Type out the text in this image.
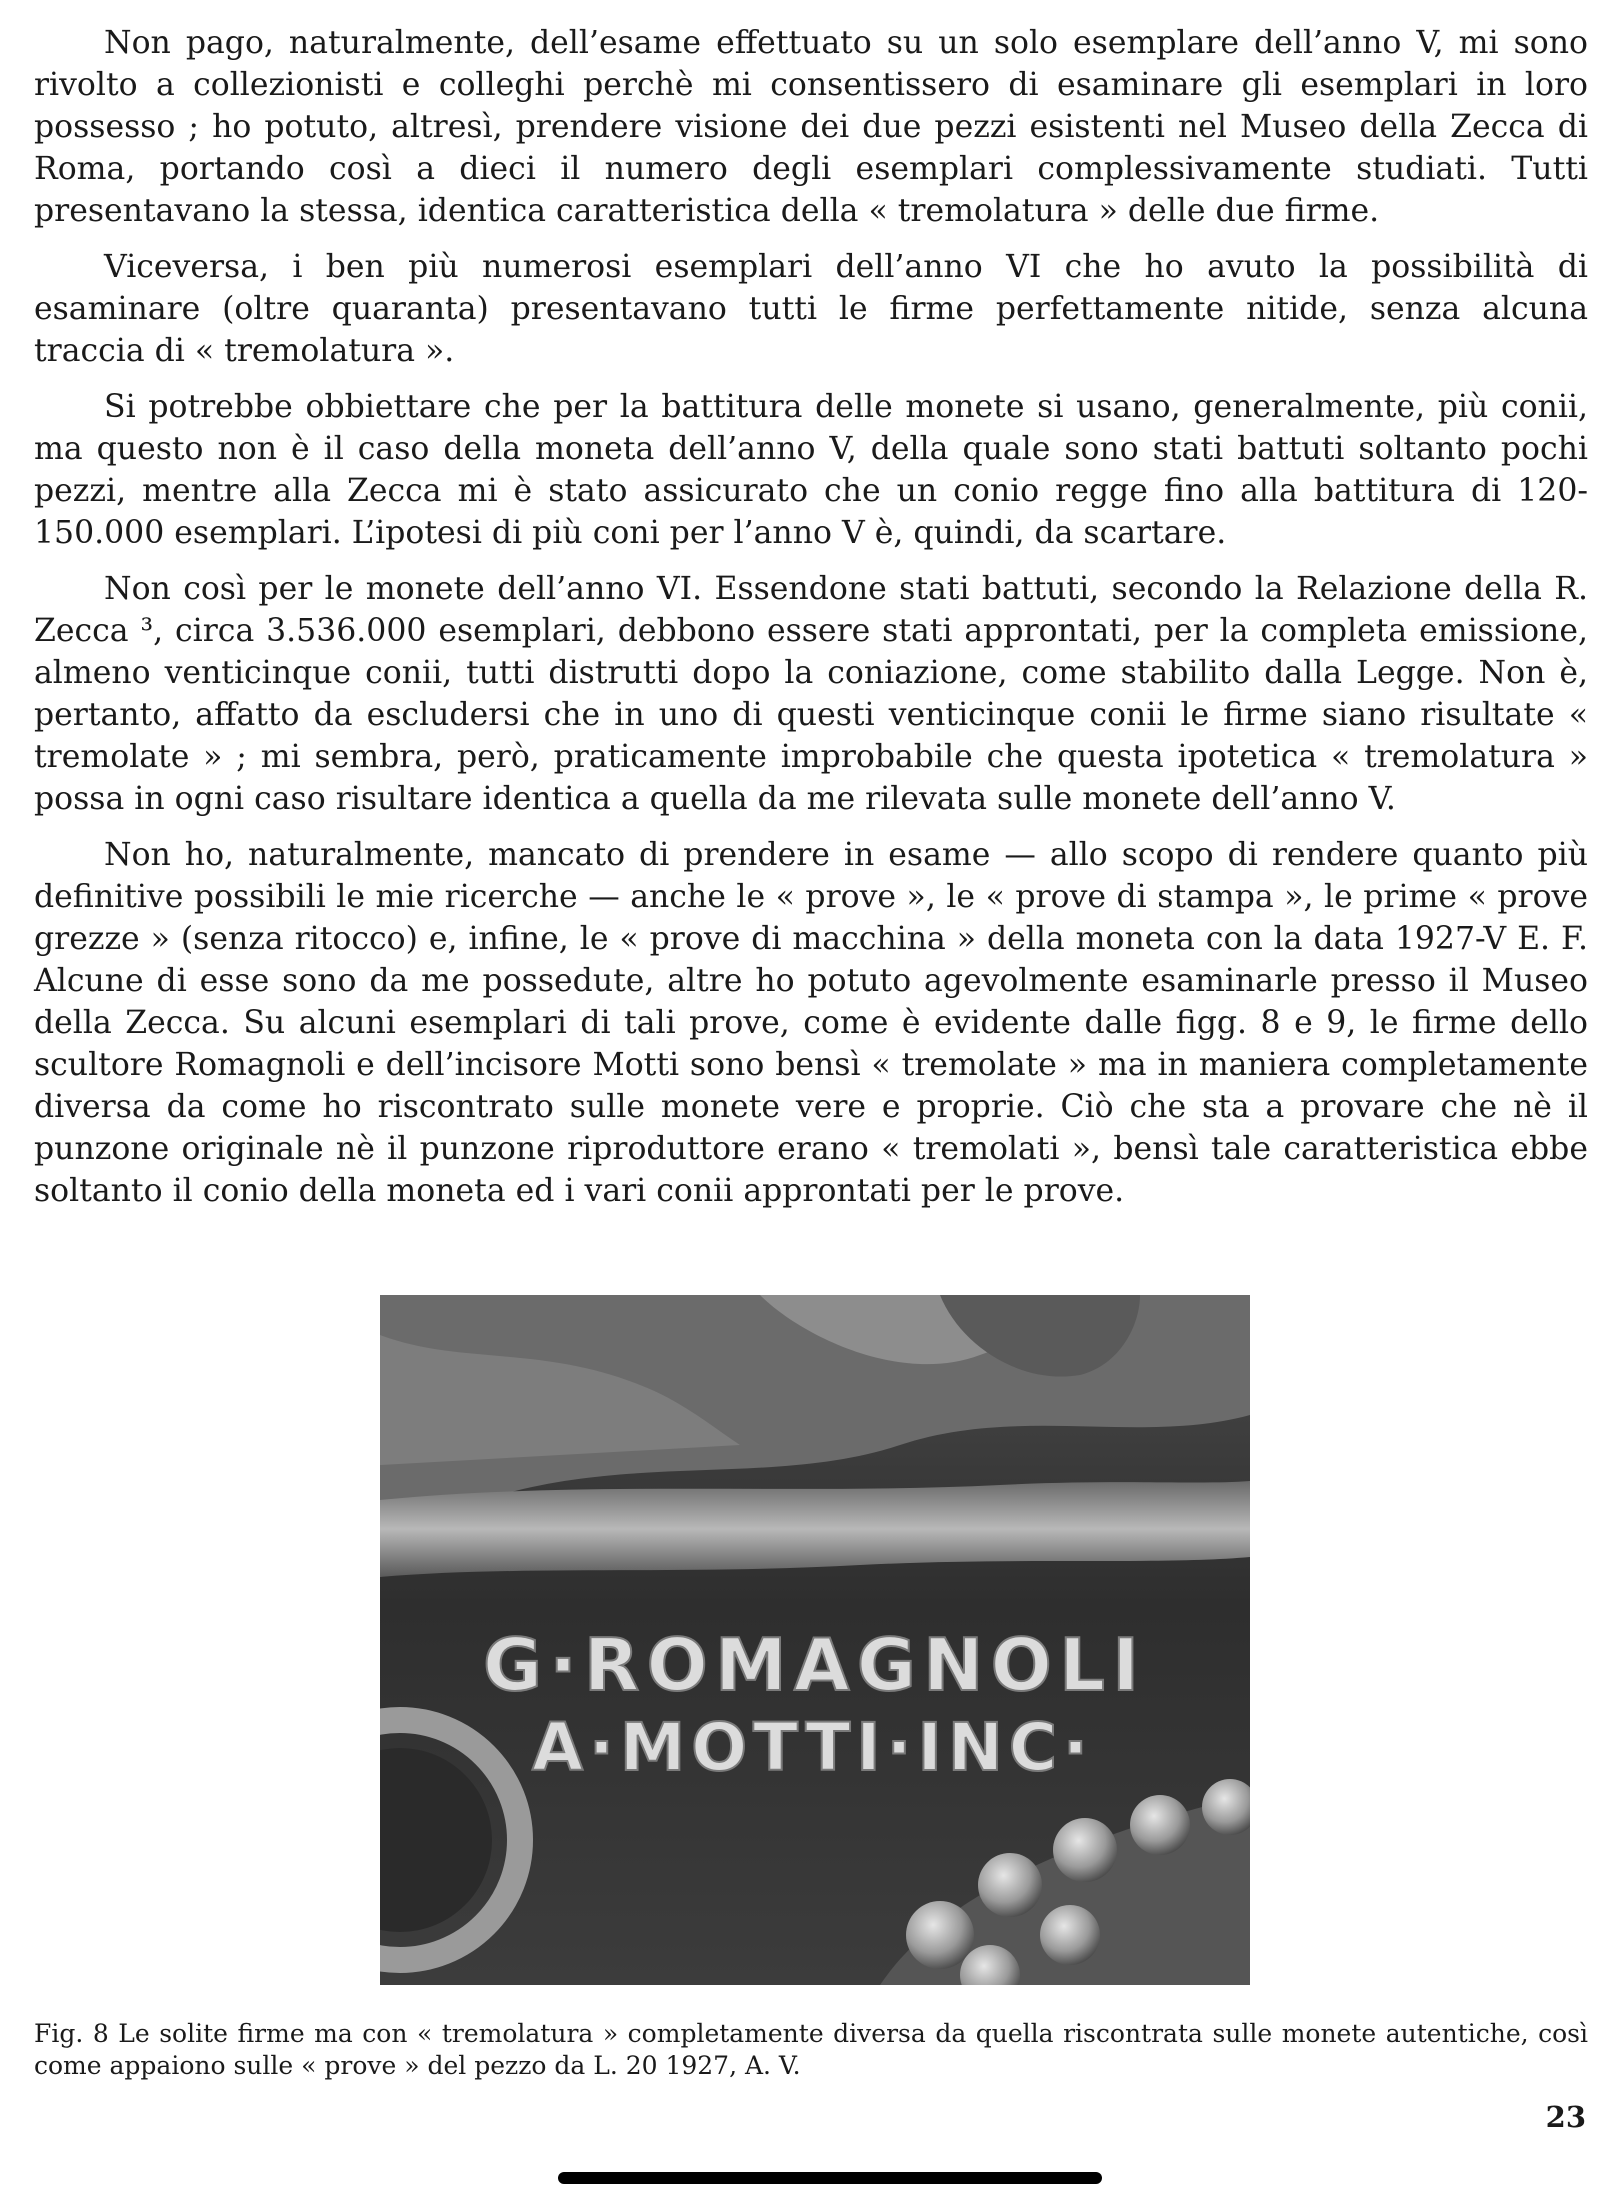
Non pago, naturalmente, dell’esame effettuato su un solo esemplare dell’anno V, mi sono rivolto a collezionisti e colleghi perchè mi consentissero di esaminare gli esemplari in loro possesso ; ho potuto, altresì, prendere visione dei due pezzi esistenti nel Museo della Zecca di Roma, portando così a dieci il numero degli esemplari complessivamente studiati. Tutti presentavano la stessa, identica caratteristica della « tremolatura » delle due firme.

Viceversa, i ben più numerosi esemplari dell’anno VI che ho avuto la possibilità di esaminare (oltre quaranta) presentavano tutti le firme perfettamente nitide, senza alcuna traccia di « tremolatura ».

Si potrebbe obbiettare che per la battitura delle monete si usano, generalmente, più conii, ma questo non è il caso della moneta dell’anno V, della quale sono stati battuti soltanto pochi pezzi, mentre alla Zecca mi è stato assicurato che un conio regge fino alla battitura di 120-150.000 esemplari. L’ipotesi di più coni per l’anno V è, quindi, da scartare.

Non così per le monete dell’anno VI. Essendone stati battuti, secondo la Relazione della R. Zecca ³, circa 3.536.000 esemplari, debbono essere stati approntati, per la completa emissione, almeno venticinque conii, tutti distrutti dopo la coniazione, come stabilito dalla Legge. Non è, pertanto, affatto da escludersi che in uno di questi venticinque conii le firme siano risultate « tremolate » ; mi sembra, però, praticamente improbabile che questa ipotetica « tremolatura » possa in ogni caso risultare identica a quella da me rilevata sulle monete dell’anno V.

Non ho, naturalmente, mancato di prendere in esame — allo scopo di rendere quanto più definitive possibili le mie ricerche — anche le « prove », le « prove di stampa », le prime « prove grezze » (senza ritocco) e, infine, le « prove di macchina » della moneta con la data 1927-V E. F. Alcune di esse sono da me possedute, altre ho potuto agevolmente esaminarle presso il Museo della Zecca. Su alcuni esemplari di tali prove, come è evidente dalle figg. 8 e 9, le firme dello scultore Romagnoli e dell’incisore Motti sono bensì « tremolate » ma in maniera completamente diversa da come ho riscontrato sulle monete vere e proprie. Ciò che sta a provare che nè il punzone originale nè il punzone riproduttore erano « tremolati », bensì tale caratteristica ebbe soltanto il conio della moneta ed i vari conii approntati per le prove.

G·ROMAGNOLI
A·MOTTI·INC·

Fig. 8 Le solite firme ma con « tremolatura » completamente diversa da quella riscontrata sulle monete autentiche, così come appaiono sulle « prove » del pezzo da L. 20 1927, A. V.

23
